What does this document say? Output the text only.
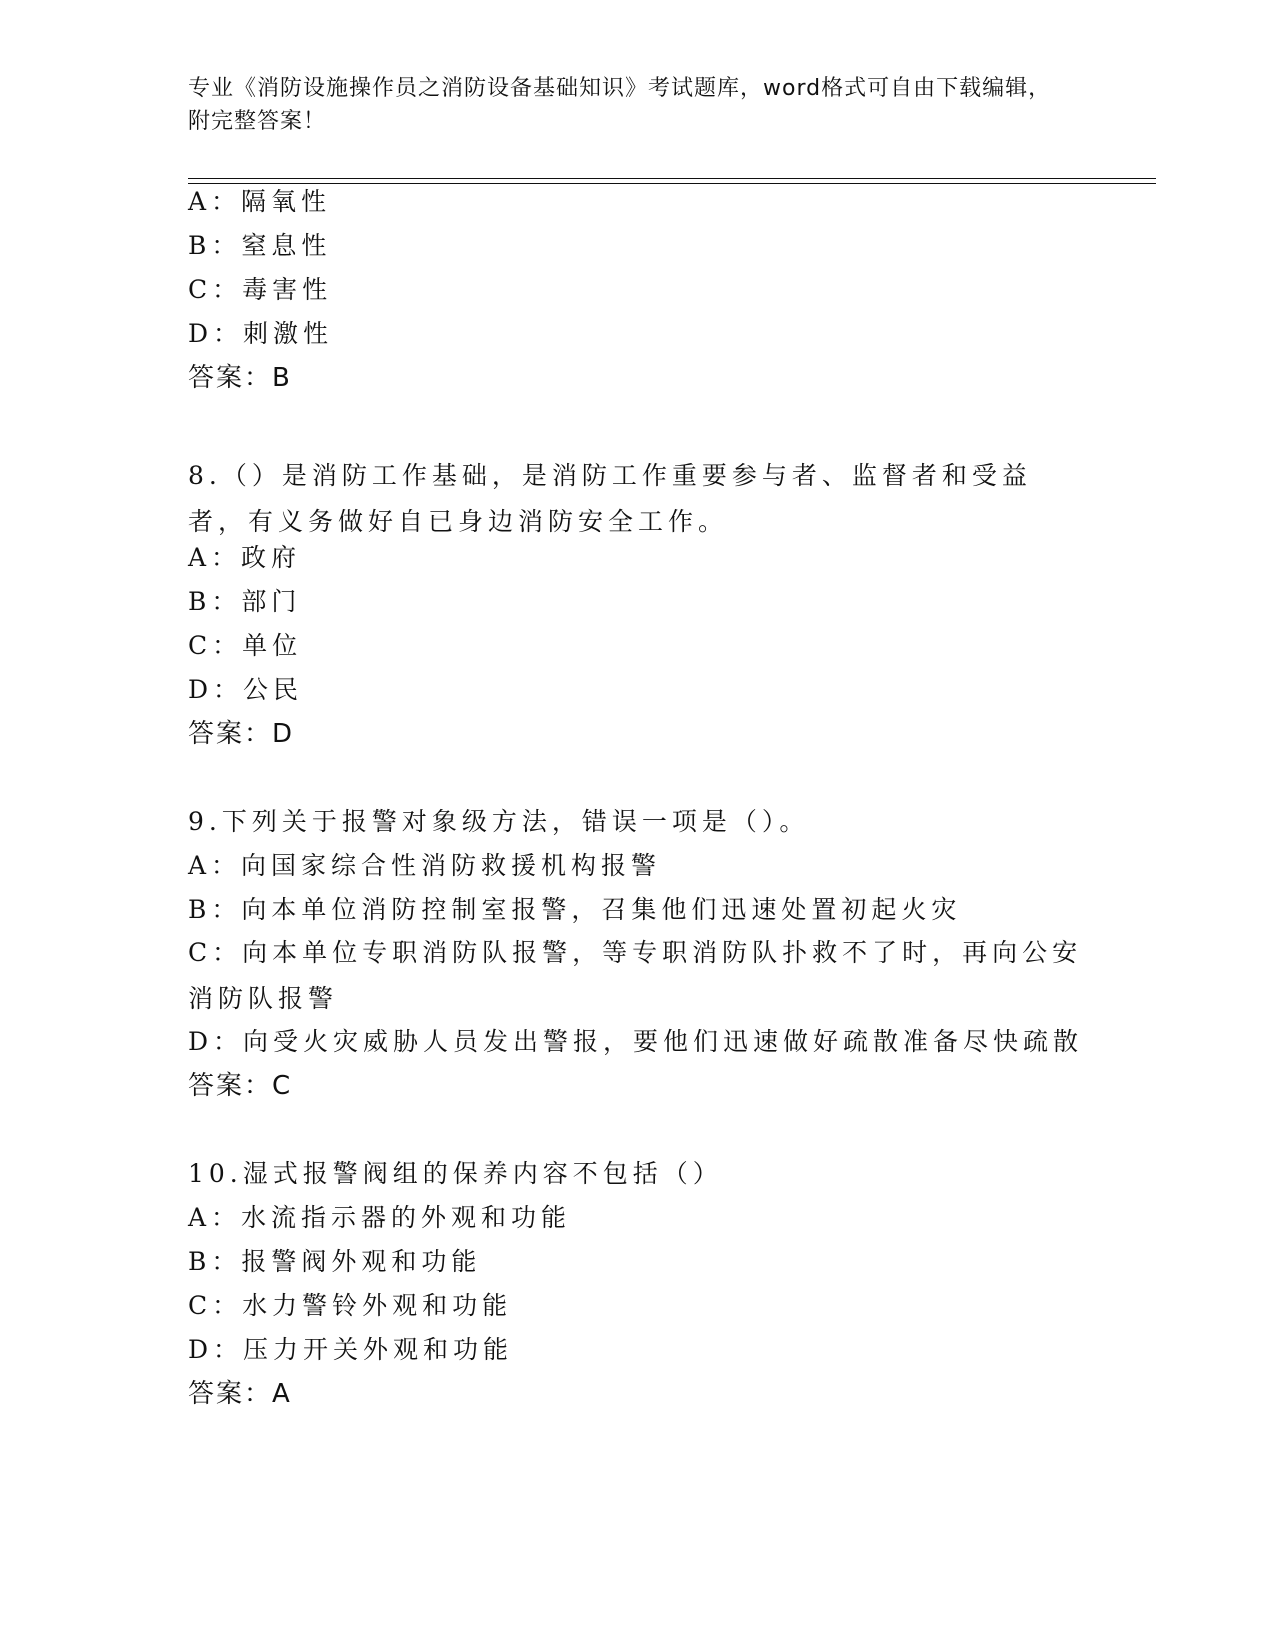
专业《消防设施操作员之消防设备基础知识》考试题库，word格式可自由下载编辑，附完整答案！
A：隔氧性
B：窒息性
C：毒害性
D：刺激性
答案：B
8.（）是消防工作基础，是消防工作重要参与者、监督者和受益者，有义务做好自已身边消防安全工作。
A：政府
B：部门
C：单位
D：公民
答案：D
9.下列关于报警对象级方法，错误一项是（）。
A：向国家综合性消防救援机构报警
B：向本单位消防控制室报警，召集他们迅速处置初起火灾
C：向本单位专职消防队报警，等专职消防队扑救不了时，再向公安消防队报警
D：向受火灾威胁人员发出警报，要他们迅速做好疏散准备尽快疏散
答案：C
10.湿式报警阀组的保养内容不包括（）
A：水流指示器的外观和功能
B：报警阀外观和功能
C：水力警铃外观和功能
D：压力开关外观和功能
答案：A
